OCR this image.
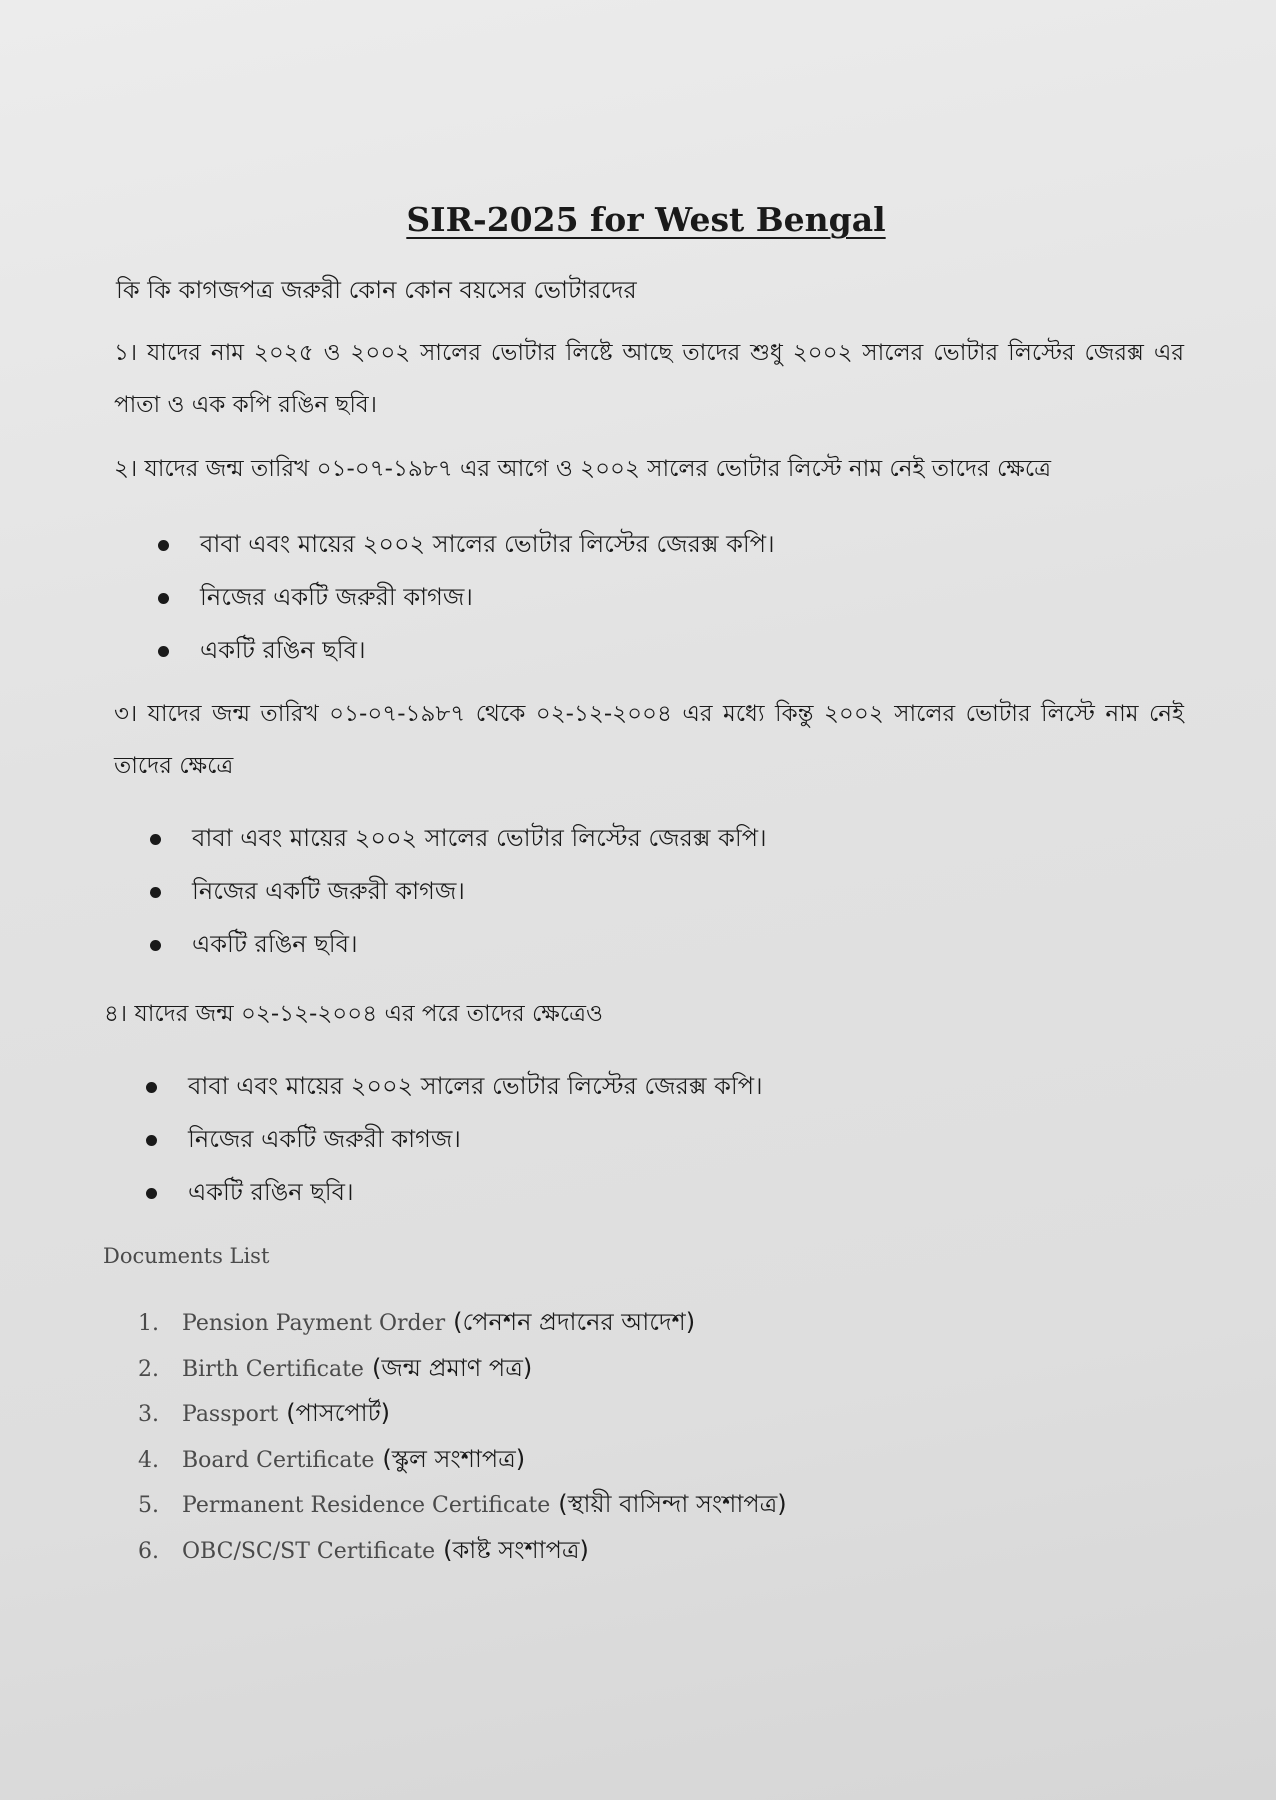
SIR-2025 for West Bengal
কি কি কাগজপত্র জরুরী কোন কোন বয়সের ভোটারদের
১। যাদের নাম ২০২৫ ও ২০০২ সালের ভোটার লিষ্টে আছে তাদের শুধু ২০০২ সালের ভোটার লিস্টের জেরক্স এর পাতা ও এক কপি রঙিন ছবি।
২। যাদের জন্ম তারিখ ০১-০৭-১৯৮৭ এর আগে ও ২০০২ সালের ভোটার লিস্টে নাম নেই তাদের ক্ষেত্রে
বাবা এবং মায়ের ২০০২ সালের ভোটার লিস্টের জেরক্স কপি।
নিজের একটি জরুরী কাগজ।
একটি রঙিন ছবি।
৩। যাদের জন্ম তারিখ ০১-০৭-১৯৮৭ থেকে ০২-১২-২০০৪ এর মধ্যে কিন্তু ২০০২ সালের ভোটার লিস্টে নাম নেই তাদের ক্ষেত্রে
বাবা এবং মায়ের ২০০২ সালের ভোটার লিস্টের জেরক্স কপি।
নিজের একটি জরুরী কাগজ।
একটি রঙিন ছবি।
৪। যাদের জন্ম ০২-১২-২০০৪ এর পরে তাদের ক্ষেত্রেও
বাবা এবং মায়ের ২০০২ সালের ভোটার লিস্টের জেরক্স কপি।
নিজের একটি জরুরী কাগজ।
একটি রঙিন ছবি।
Documents List
1. Pension Payment Order (পেনশন প্রদানের আদেশ)
2. Birth Certificate (জন্ম প্রমাণ পত্র)
3. Passport (পাসপোর্ট)
4. Board Certificate (স্কুল সংশাপত্র)
5. Permanent Residence Certificate (স্থায়ী বাসিন্দা সংশাপত্র)
6. OBC/SC/ST Certificate (কাষ্ট সংশাপত্র)
